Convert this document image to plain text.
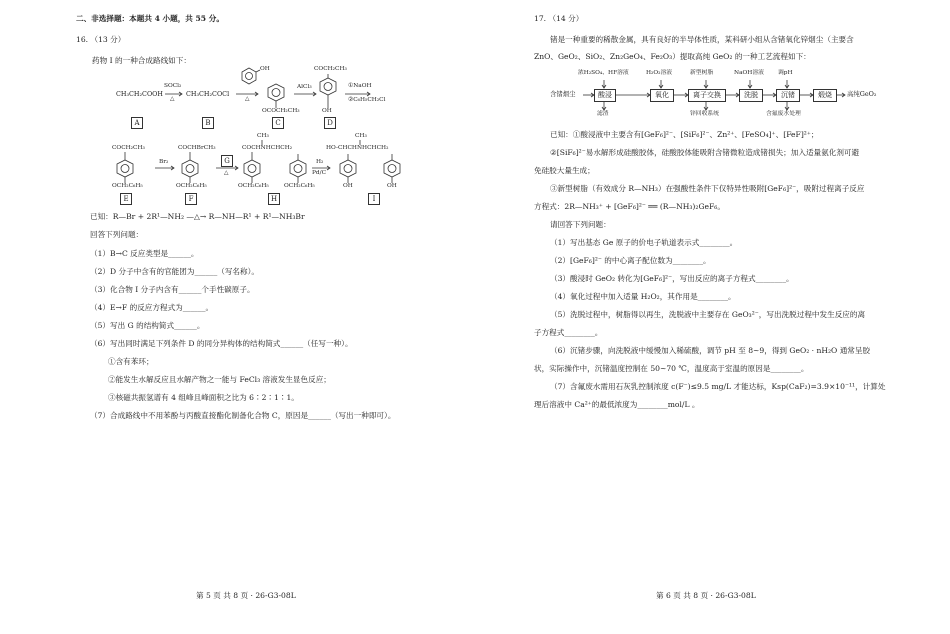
二、非选择题：本题共 4 小题，共 55 分。
16. （13 分）
药物 I 的一种合成路线如下：
CH₃CH₂COOH
SOCl₂
△
CH₃CH₂COCl
OH
△
OCOCH₂CH₃
AlCl₃
COCH₂CH₃
OH
①NaOH
②C₆H₅CH₂Cl
A	B	C	D
COCH₂CH₃
OCH₂C₆H₅
Br₂
COCHBrCH₃
OCH₂C₆H₅
G
△
CH₃
COCHNHCHCH₂
OCH₂C₆H₅	OCH₂C₆H₅
H₂
Pd/C
CH₃
HO-CHCHNHCHCH₂
OH	OH
E	F	H	I
已知：R—Br + 2R¹—NH₂ —△→ R—NH—R¹ + R¹—NH₃Br
回答下列问题：
（1）B→C 反应类型是______。
（2）D 分子中含有的官能团为______（写名称）。
（3）化合物 I 分子内含有______个手性碳原子。
（4）E→F 的反应方程式为______。
（5）写出 G 的结构简式______。
（6）写出同时满足下列条件 D 的同分异构体的结构简式______（任写一种）。
①含有苯环；
②能发生水解反应且水解产物之一能与 FeCl₃ 溶液发生显色反应；
③核磁共振氢谱有 4 组峰且峰面积之比为 6∶2∶1∶1。
（7）合成路线中不用苯酚与丙酸直接酯化制备化合物 C，原因是______（写出一种即可）。
第 5 页 共 8 页 · 26-G3-08L
17. （14 分）
锗是一种重要的稀散金属，具有良好的半导体性质，某科研小组从含锗氧化锌烟尘（主要含
ZnO、GeO₂、SiO₂、Zn₂GeO₄、Fe₂O₃）提取高纯 GeO₂ 的一种工艺流程如下：
浓H₂SO₄、HF溶液	H₂O₂溶液	新型树脂	NaOH溶液 调pH
含锗烟尘	酸浸	氧化	离子交换	洗脱	沉锗	煅烧	高纯GeO₂
滤渣	锌回收系统	含氟废水处理
已知：①酸浸液中主要含有[GeF₆]²⁻、[SiF₆]²⁻、Zn²⁺、[FeSO₄]⁺、[FeF]²⁺；
②[SiF₆]²⁻易水解形成硅酸胶体，硅酸胶体能吸附含锗微粒造成锗损失；加入适量氨化剂可避
免硅胶大量生成；
③新型树脂（有效成分 R—NH₃）在强酸性条件下仅特异性吸附[GeF₆]²⁻，吸附过程离子反应
方程式：2R—NH₃⁺ + [GeF₆]²⁻ ══ (R—NH₃)₂GeF₆。
请回答下列问题：
（1）写出基态 Ge 原子的价电子轨道表示式________。
（2）[GeF₆]²⁻ 的中心离子配位数为________。
（3）酸浸时 GeO₂ 转化为[GeF₆]²⁻，写出反应的离子方程式________。
（4）氧化过程中加入适量 H₂O₂，其作用是________。
（5）洗脱过程中，树脂得以再生，洗脱液中主要存在 GeO₃²⁻，写出洗脱过程中发生反应的离
子方程式________。
（6）沉锗步骤，向洗脱液中缓慢加入稀硫酸，调节 pH 至 8~9，得到 GeO₂ · nH₂O 通常呈胶
状，实际操作中，沉锗温度控制在 50~70 ℃，温度高于室温的原因是________。
（7）含氟废水需用石灰乳控制浓度 c(F⁻)≤9.5 mg/L 才能达标，Ksp(CaF₂)=3.9×10⁻¹¹，计算处
理后溶液中 Ca²⁺的最低浓度为________mol/L 。
第 6 页 共 8 页 · 26-G3-08L
